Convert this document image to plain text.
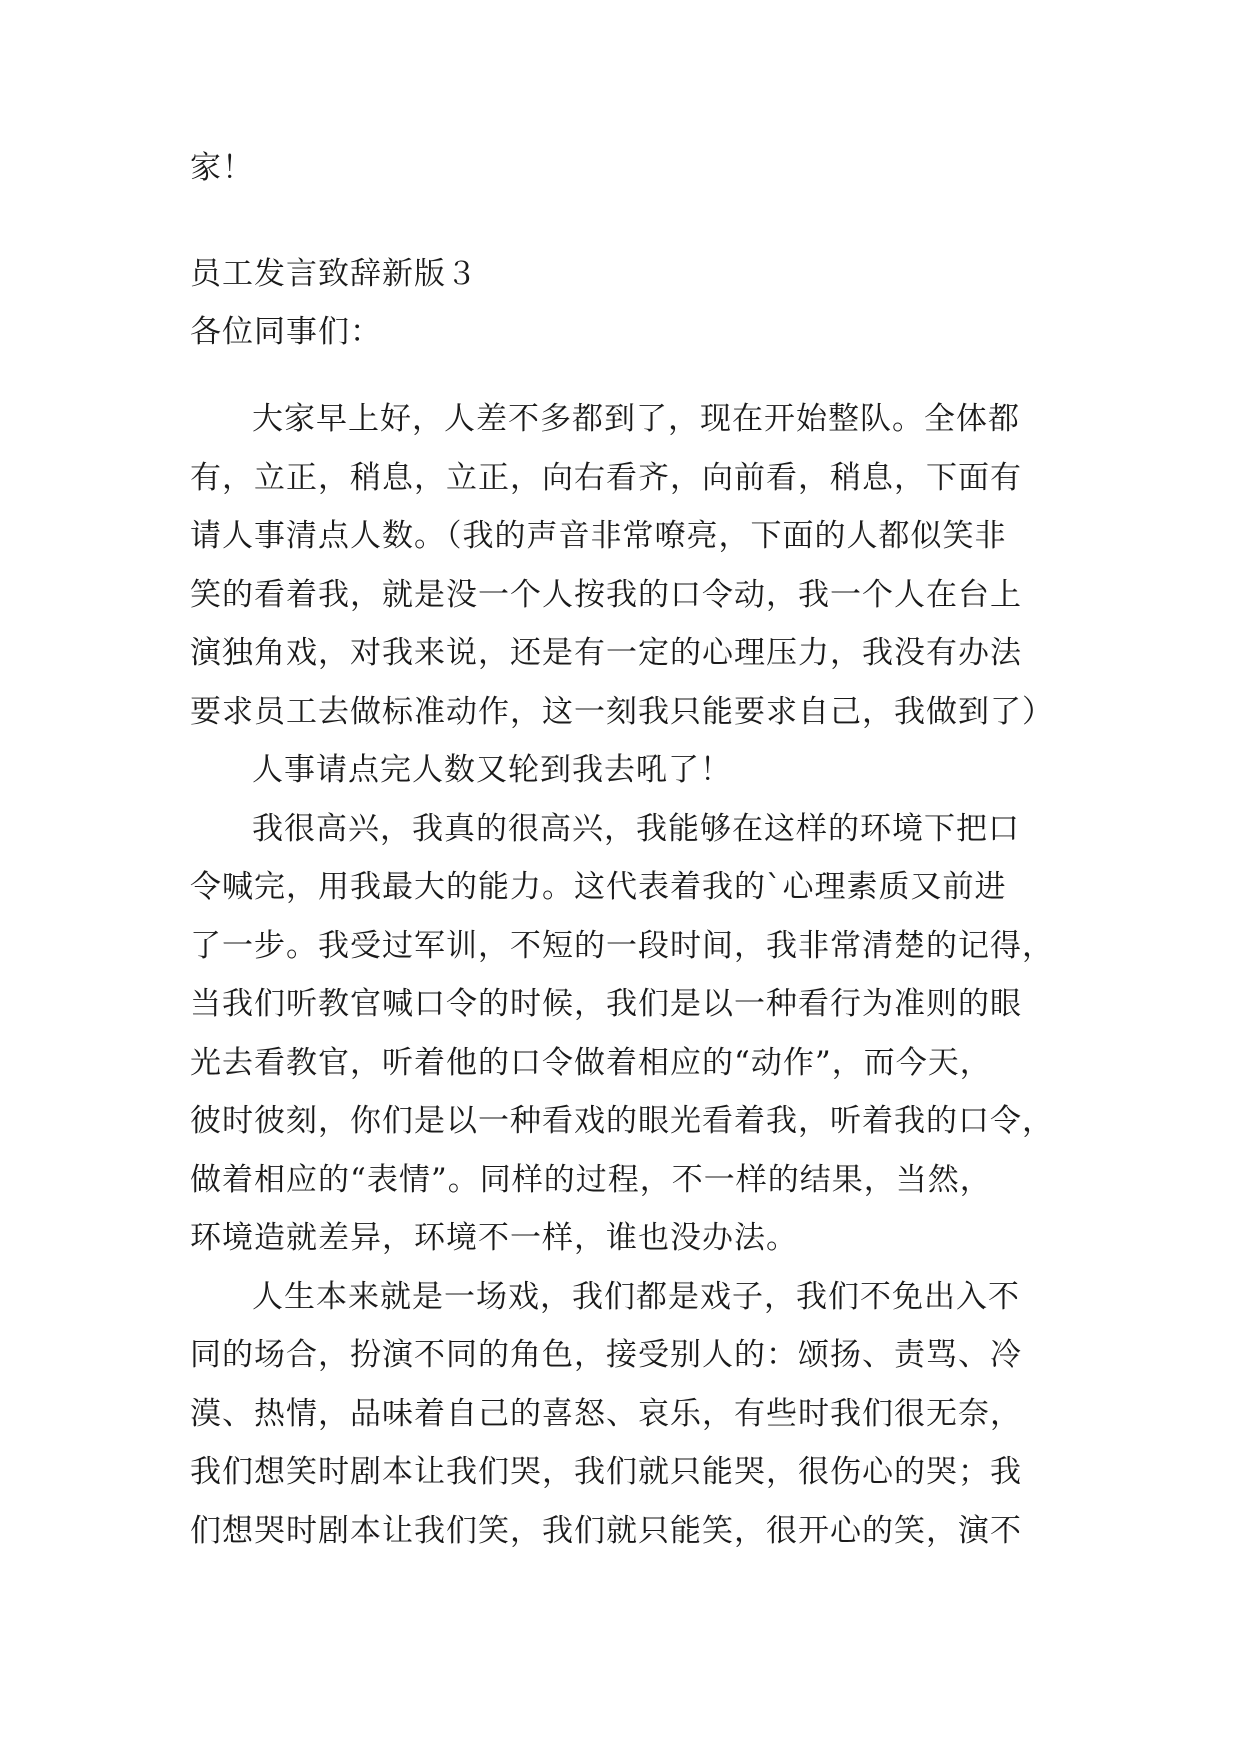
家！
员工发言致辞新版３
各位同事们：
大家早上好，人差不多都到了，现在开始整队。全体都
有，立正，稍息，立正，向右看齐，向前看，稍息，下面有
请人事清点人数。（我的声音非常嘹亮，下面的人都似笑非
笑的看着我，就是没一个人按我的口令动，我一个人在台上
演独角戏，对我来说，还是有一定的心理压力，我没有办法
要求员工去做标准动作，这一刻我只能要求自己，我做到了）
人事请点完人数又轮到我去吼了！
我很高兴，我真的很高兴，我能够在这样的环境下把口
令喊完，用我最大的能力。这代表着我的`心理素质又前进
了一步。我受过军训，不短的一段时间，我非常清楚的记得，
当我们听教官喊口令的时候，我们是以一种看行为准则的眼
光去看教官，听着他的口令做着相应的“动作”，而今天，
彼时彼刻，你们是以一种看戏的眼光看着我，听着我的口令，
做着相应的“表情”。同样的过程，不一样的结果，当然，
环境造就差异，环境不一样，谁也没办法。
人生本来就是一场戏，我们都是戏子，我们不免出入不
同的场合，扮演不同的角色，接受别人的：颂扬、责骂、冷
漠、热情，品味着自己的喜怒、哀乐，有些时我们很无奈，
我们想笑时剧本让我们哭，我们就只能哭，很伤心的哭；我
们想哭时剧本让我们笑，我们就只能笑，很开心的笑，演不
